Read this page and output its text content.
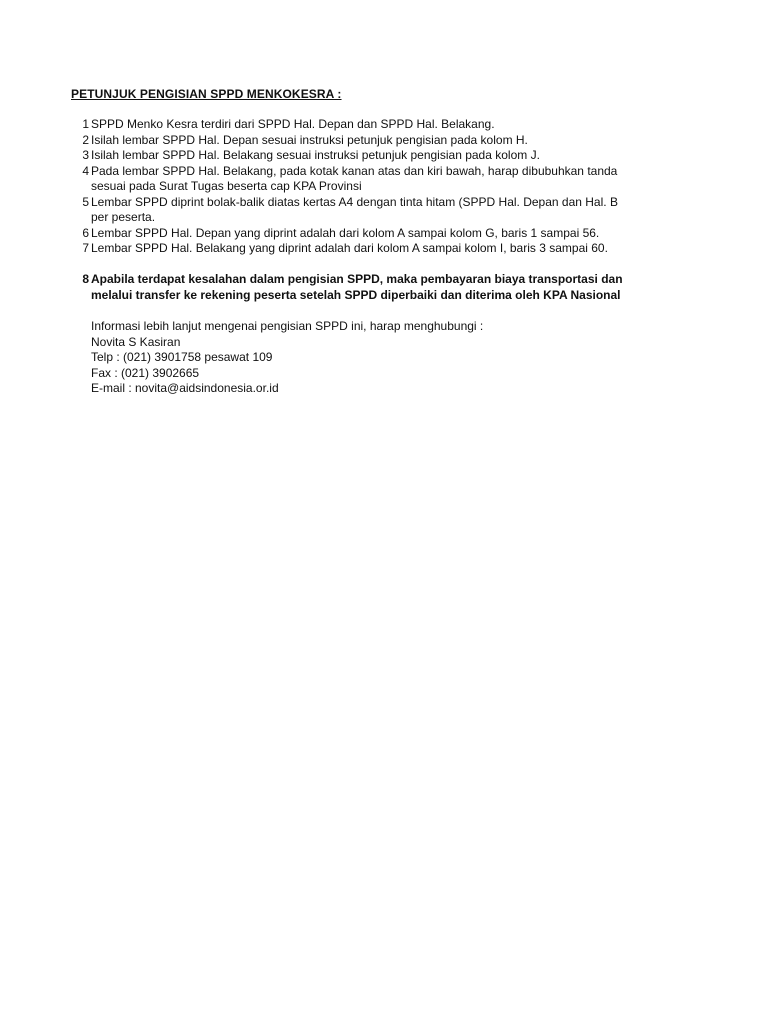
PETUNJUK PENGISIAN SPPD MENKOKESRA :
1 SPPD Menko Kesra terdiri dari SPPD Hal. Depan dan SPPD Hal. Belakang.
2 Isilah lembar SPPD Hal. Depan sesuai instruksi petunjuk pengisian pada kolom H.
3 Isilah lembar SPPD Hal. Belakang sesuai instruksi petunjuk pengisian pada kolom J.
4 Pada lembar SPPD Hal. Belakang, pada kotak kanan atas dan kiri bawah, harap dibubuhkan tanda
sesuai pada Surat Tugas beserta cap KPA Provinsi
5 Lembar SPPD diprint bolak-balik diatas kertas A4 dengan tinta hitam (SPPD Hal. Depan dan Hal. B
per peserta.
6 Lembar SPPD Hal. Depan yang diprint adalah dari kolom A sampai kolom G, baris 1 sampai 56.
7 Lembar SPPD Hal. Belakang yang diprint adalah dari kolom A sampai kolom I, baris 3 sampai 60.
8 Apabila terdapat kesalahan dalam pengisian SPPD, maka pembayaran biaya transportasi dan
melalui transfer ke rekening peserta setelah SPPD diperbaiki dan diterima oleh KPA Nasional
Informasi lebih lanjut mengenai pengisian SPPD ini, harap menghubungi :
Novita S Kasiran
Telp : (021) 3901758 pesawat 109
Fax : (021) 3902665
E-mail : novita@aidsindonesia.or.id
